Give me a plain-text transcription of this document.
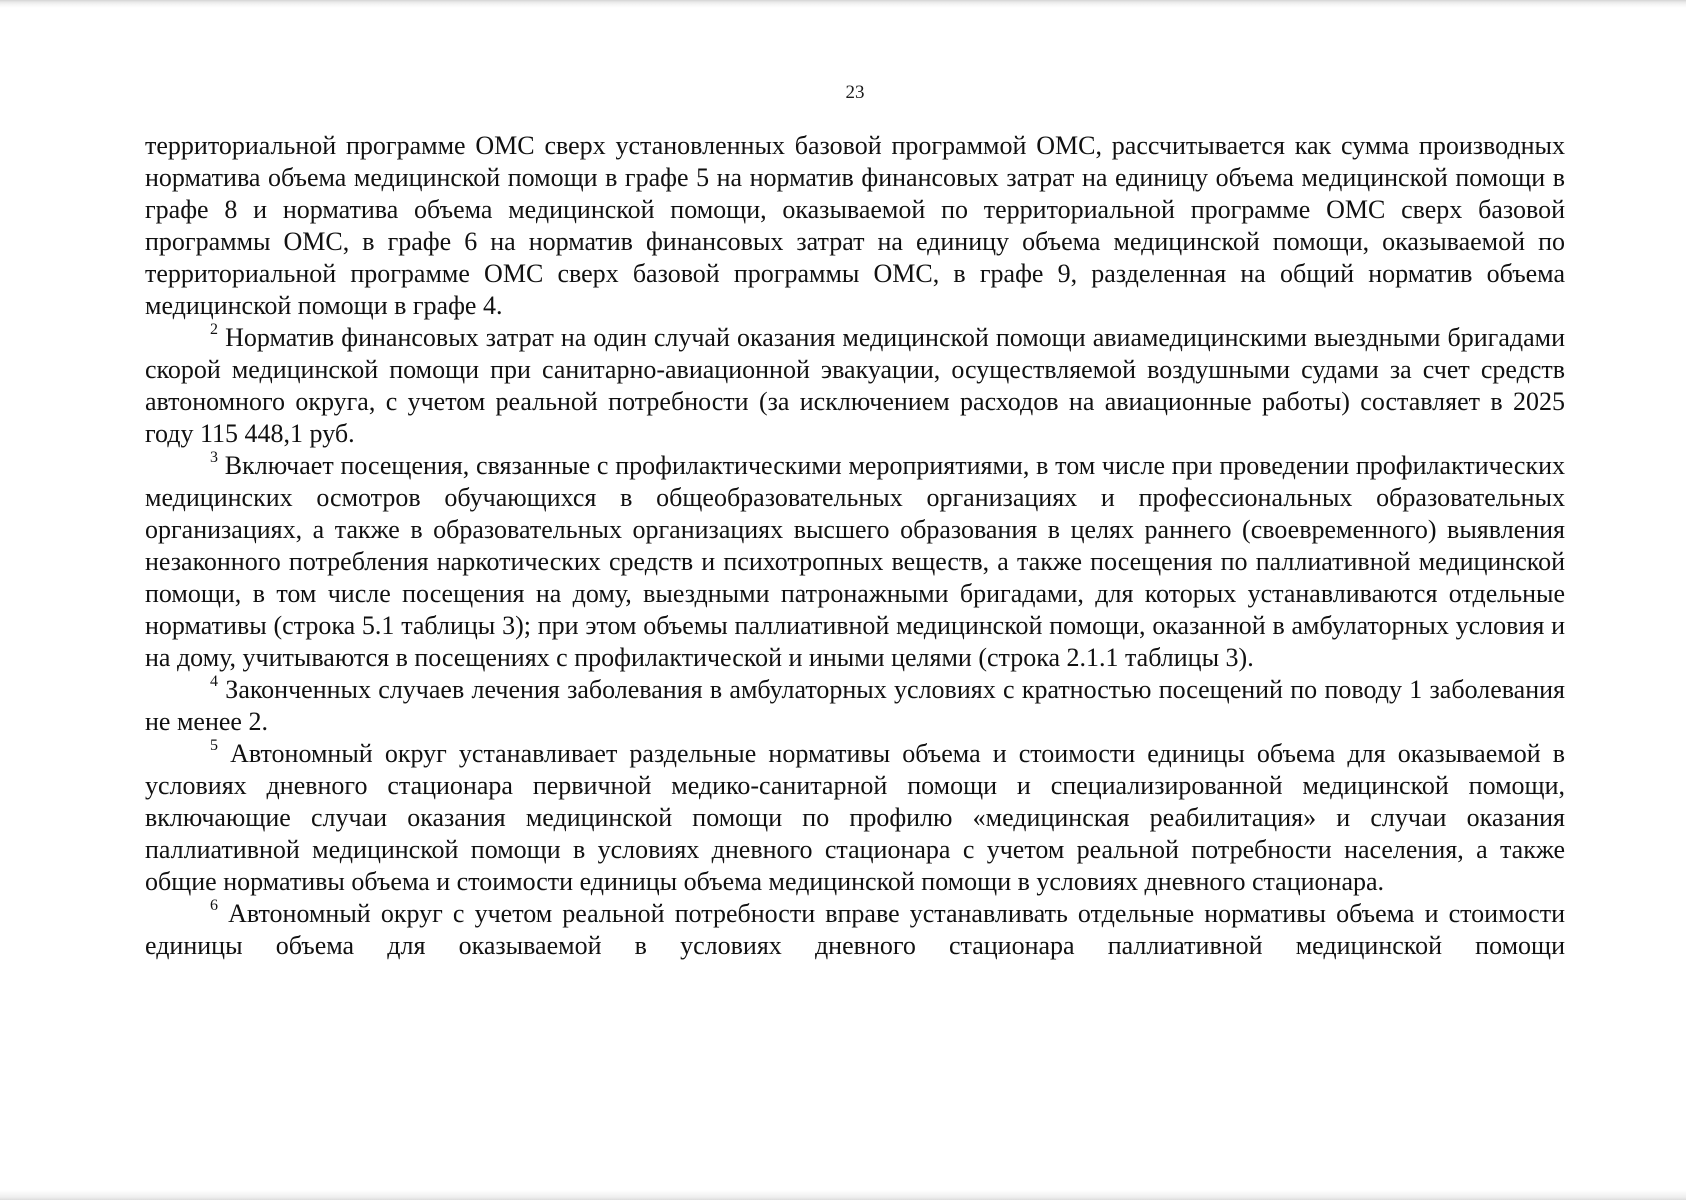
23

территориальной программе ОМС сверх установленных базовой программой ОМС, рассчитывается как сумма производных норматива объема медицинской помощи в графе 5 на норматив финансовых затрат на единицу объема медицинской помощи в графе 8 и норматива объема медицинской помощи, оказываемой по территориальной программе ОМС сверх базовой программы ОМС, в графе 6 на норматив финансовых затрат на единицу объема медицинской помощи, оказываемой по территориальной программе ОМС сверх базовой программы ОМС, в графе 9, разделенная на общий норматив объема медицинской помощи в графе 4.

$^2$ Норматив финансовых затрат на один случай оказания медицинской помощи авиамедицинскими выездными бригадами скорой медицинской помощи при санитарно-авиационной эвакуации, осуществляемой воздушными судами за счет средств автономного округа, с учетом реальной потребности (за исключением расходов на авиационные работы) составляет в 2025 году 115 448,1 руб.

$^3$ Включает посещения, связанные с профилактическими мероприятиями, в том числе при проведении профилактических медицинских осмотров обучающихся в общеобразовательных организациях и профессиональных образовательных организациях, а также в образовательных организациях высшего образования в целях раннего (своевременного) выявления незаконного потребления наркотических средств и психотропных веществ, а также посещения по паллиативной медицинской помощи, в том числе посещения на дому, выездными патронажными бригадами, для которых устанавливаются отдельные нормативы (строка 5.1 таблицы 3); при этом объемы паллиативной медицинской помощи, оказанной в амбулаторных условия и на дому, учитываются в посещениях с профилактической и иными целями (строка 2.1.1 таблицы 3).

$^4$ Законченных случаев лечения заболевания в амбулаторных условиях с кратностью посещений по поводу 1 заболевания не менее 2.

$^5$ Автономный округ устанавливает раздельные нормативы объема и стоимости единицы объема для оказываемой в условиях дневного стационара первичной медико-санитарной помощи и специализированной медицинской помощи, включающие случаи оказания медицинской помощи по профилю «медицинская реабилитация» и случаи оказания паллиативной медицинской помощи в условиях дневного стационара с учетом реальной потребности населения, а также общие нормативы объема и стоимости единицы объема медицинской помощи в условиях дневного стационара.

$^6$ Автономный округ с учетом реальной потребности вправе устанавливать отдельные нормативы объема и стоимости единицы объема для оказываемой в условиях дневного стационара паллиативной медицинской помощи
